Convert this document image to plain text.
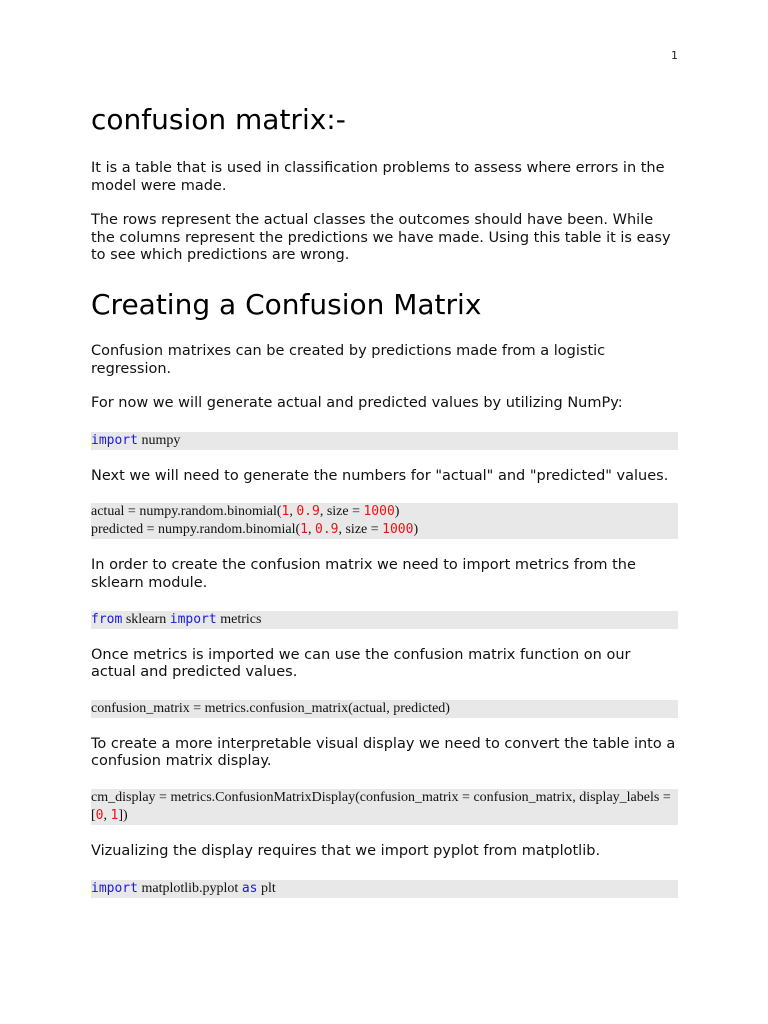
1
confusion matrix:-

It is a table that is used in classification problems to assess where errors in the model were made.

The rows represent the actual classes the outcomes should have been. While the columns represent the predictions we have made. Using this table it is easy to see which predictions are wrong.

Creating a Confusion Matrix

Confusion matrixes can be created by predictions made from a logistic regression.

For now we will generate actual and predicted values by utilizing NumPy:

import numpy

Next we will need to generate the numbers for "actual" and "predicted" values.

actual = numpy.random.binomial(1, 0.9, size = 1000)
predicted = numpy.random.binomial(1, 0.9, size = 1000)

In order to create the confusion matrix we need to import metrics from the sklearn module.

from sklearn import metrics

Once metrics is imported we can use the confusion matrix function on our actual and predicted values.

confusion_matrix = metrics.confusion_matrix(actual, predicted)

To create a more interpretable visual display we need to convert the table into a confusion matrix display.

cm_display = metrics.ConfusionMatrixDisplay(confusion_matrix = confusion_matrix, display_labels = [0, 1])

Vizualizing the display requires that we import pyplot from matplotlib.

import matplotlib.pyplot as plt
